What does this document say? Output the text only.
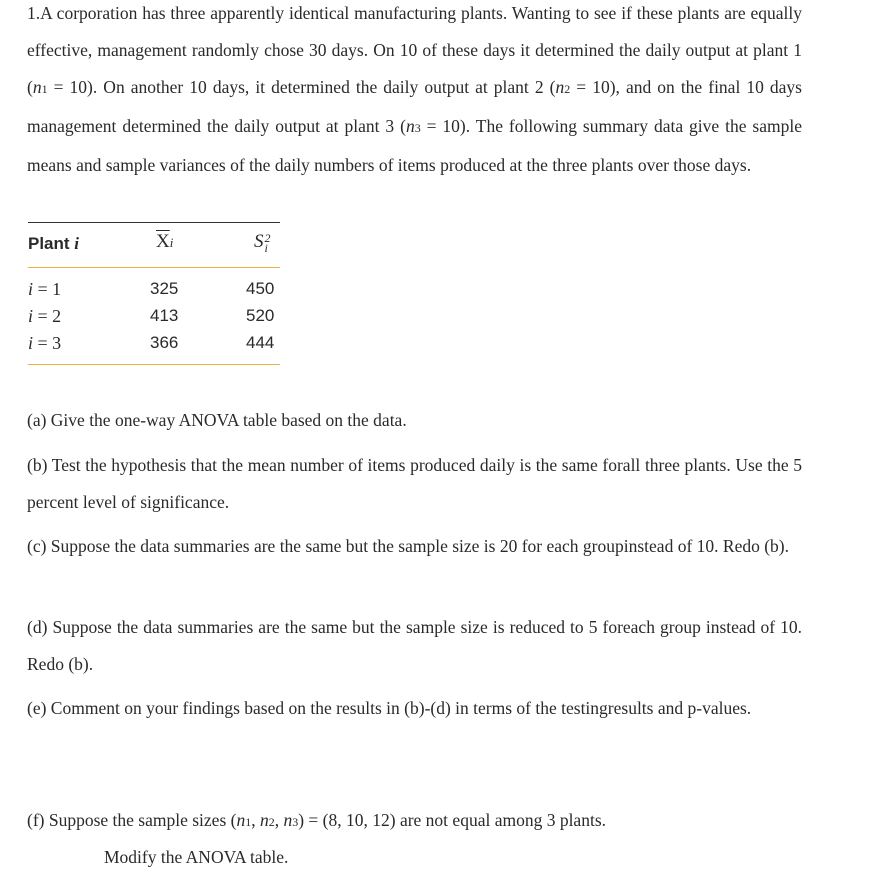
1.A corporation has three apparently identical manufacturing plants. Wanting to see if these plants are equally effective, management randomly chose 30 days. On 10 of these days it determined the daily output at plant 1 (n1 = 10). On another 10 days, it determined the daily output at plant 2 (n2 = 10), and on the final 10 days management determined the daily output at plant 3 (n3 = 10). The following summary data give the sample means and sample variances of the daily numbers of items produced at the three plants over those days.

Plant i	$\overline{X}i$	S 2
i
i = 1	325	450
i = 2	413	520
i = 3	366	444

(a) Give the one-way ANOVA table based on the data.

(b) Test the hypothesis that the mean number of items produced daily is the same forall three plants. Use the 5 percent level of significance.

(c) Suppose the data summaries are the same but the sample size is 20 for each groupinstead of 10. Redo (b).

(d) Suppose the data summaries are the same but the sample size is reduced to 5 foreach group instead of 10. Redo (b).

(e) Comment on your findings based on the results in (b)-(d) in terms of the testingresults and p-values.

(f) Suppose the sample sizes (n1, n2, n3) = (8, 10, 12) are not equal among 3 plants.

Modify the ANOVA table.
